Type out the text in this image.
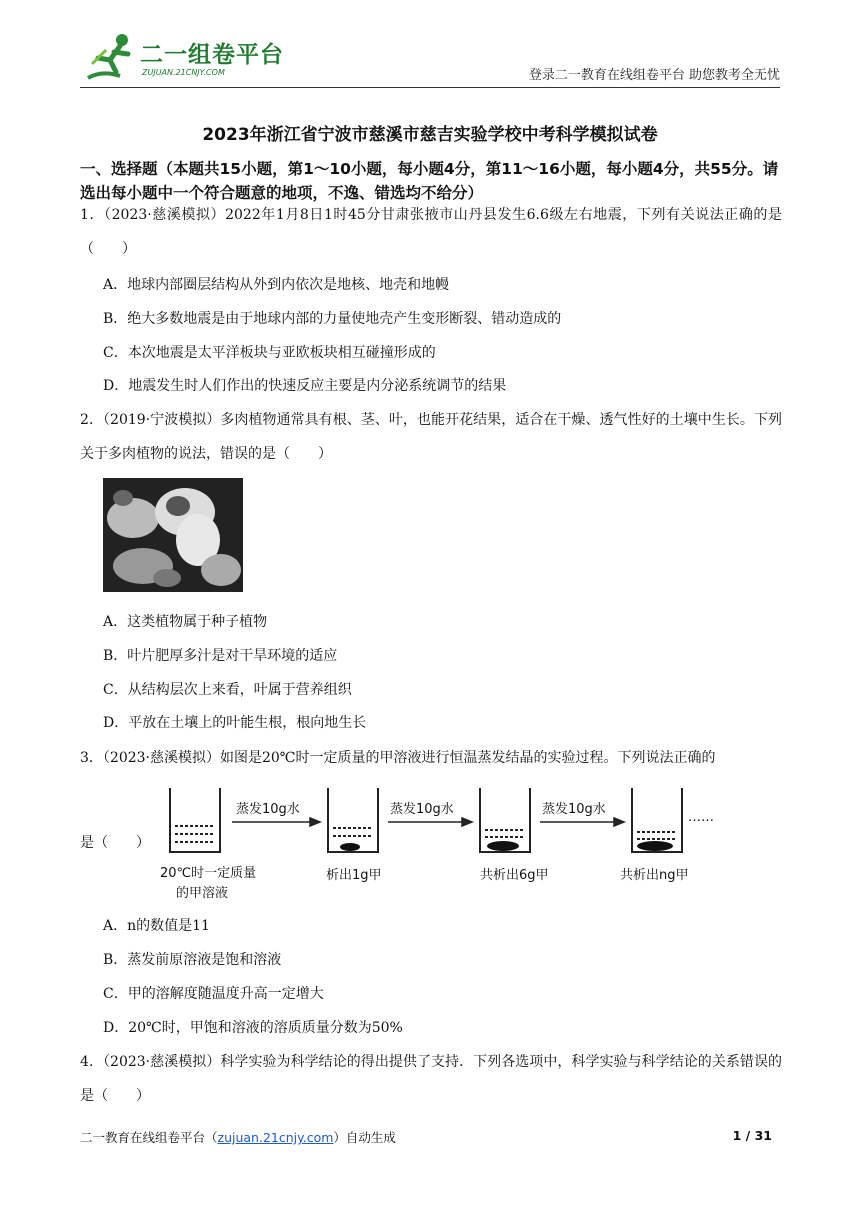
二一组卷平台
ZUJUAN.21CNJY.COM	登录二一教育在线组卷平台 助您教考全无忧
2023年浙江省宁波市慈溪市慈吉实验学校中考科学模拟试卷
一、选择题（本题共15小题，第1～10小题，每小题4分，第11～16小题，每小题4分，共55分。请选出每小题中一个符合题意的地项，不逸、错选均不给分）
1．（2023·慈溪模拟）2022年1月8日1时45分甘肃张掖市山丹县发生6.6级左右地震，下列有关说法正确的是（　　）
A．地球内部圈层结构从外到内依次是地核、地壳和地幔
B．绝大多数地震是由于地球内部的力量使地壳产生变形断裂、错动造成的
C．本次地震是太平洋板块与亚欧板块相互碰撞形成的
D．地震发生时人们作出的快速反应主要是内分泌系统调节的结果
2．（2019·宁波模拟）多肉植物通常具有根、茎、叶，也能开花结果，适合在干燥、透气性好的土壤中生长。下列关于多肉植物的说法，错误的是（　　）
A．这类植物属于种子植物
B．叶片肥厚多汁是对干旱环境的适应
C．从结构层次上来看，叶属于营养组织
D．平放在土壤上的叶能生根，根向地生长
3．（2023·慈溪模拟）如图是20℃时一定质量的甲溶液进行恒温蒸发结晶的实验过程。下列说法正确的
是（　　）
蒸发10g水	蒸发10g水	蒸发10g水
……
20℃时一定质量
的甲溶液
析出1g甲	共析出6g甲	共析出ng甲
A．n的数值是11
B．蒸发前原溶液是饱和溶液
C．甲的溶解度随温度升高一定增大
D．20℃时，甲饱和溶液的溶质质量分数为50%
4．（2023·慈溪模拟）科学实验为科学结论的得出提供了支持．下列各选项中，科学实验与科学结论的关系错误的是（　　）
二一教育在线组卷平台（zujuan.21cnjy.com）自动生成	1 / 31
